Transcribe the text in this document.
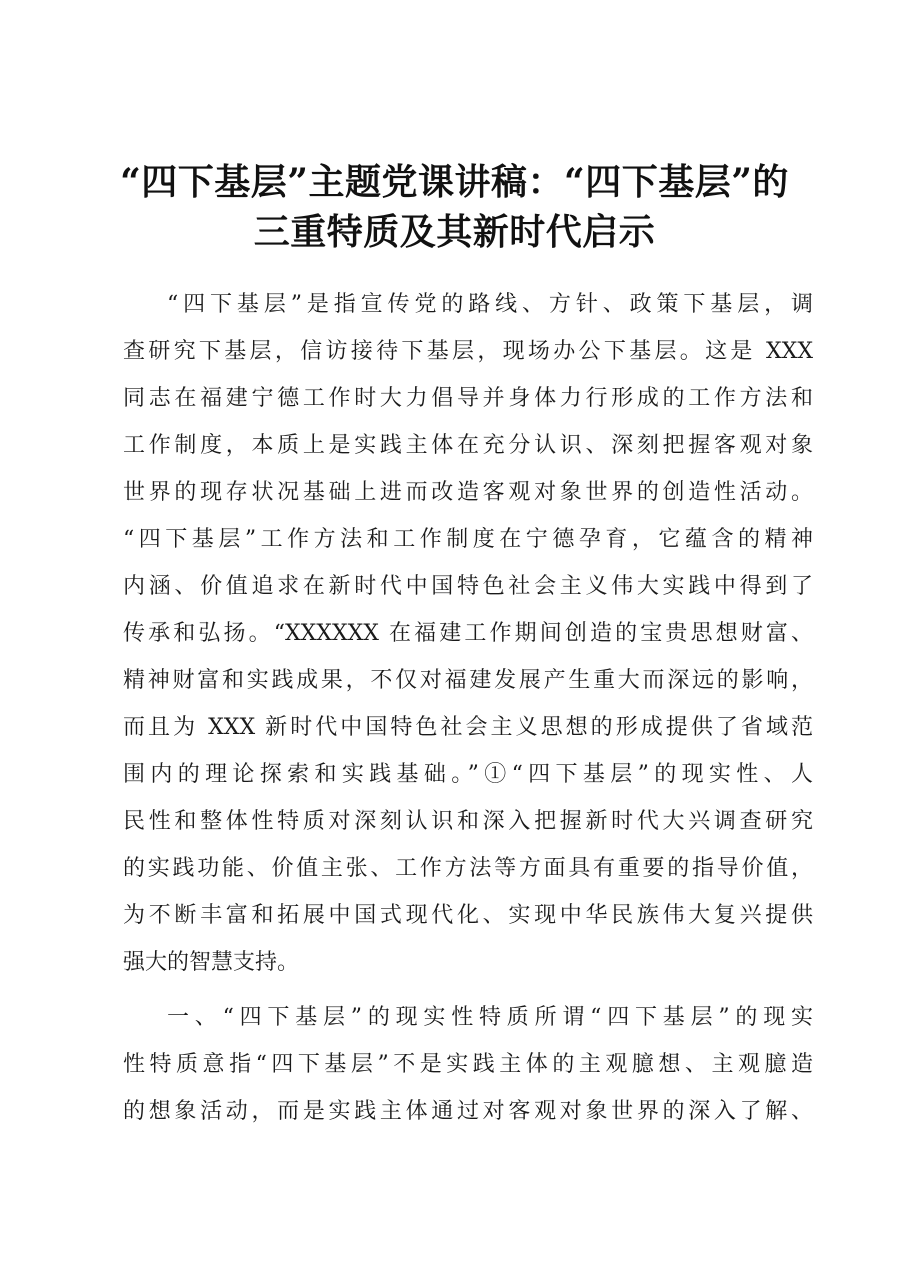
“四下基层”主题党课讲稿：“四下基层”的
三重特质及其新时代启示
“四下基层”是指宣传党的路线、方针、政策下基层，调
查研究下基层，信访接待下基层，现场办公下基层。这是 XXX
同志在福建宁德工作时大力倡导并身体力行形成的工作方法和
工作制度，本质上是实践主体在充分认识、深刻把握客观对象
世界的现存状况基础上进而改造客观对象世界的创造性活动。
“四下基层”工作方法和工作制度在宁德孕育，它蕴含的精神
内涵、价值追求在新时代中国特色社会主义伟大实践中得到了
传承和弘扬。“XXXXXX 在福建工作期间创造的宝贵思想财富、
精神财富和实践成果，不仅对福建发展产生重大而深远的影响，
而且为 XXX 新时代中国特色社会主义思想的形成提供了省域范
围内的理论探索和实践基础。”①“四下基层”的现实性、人
民性和整体性特质对深刻认识和深入把握新时代大兴调查研究
的实践功能、价值主张、工作方法等方面具有重要的指导价值，
为不断丰富和拓展中国式现代化、实现中华民族伟大复兴提供
强大的智慧支持。
一、“四下基层”的现实性特质所谓“四下基层”的现实
性特质意指“四下基层”不是实践主体的主观臆想、主观臆造
的想象活动，而是实践主体通过对客观对象世界的深入了解、
